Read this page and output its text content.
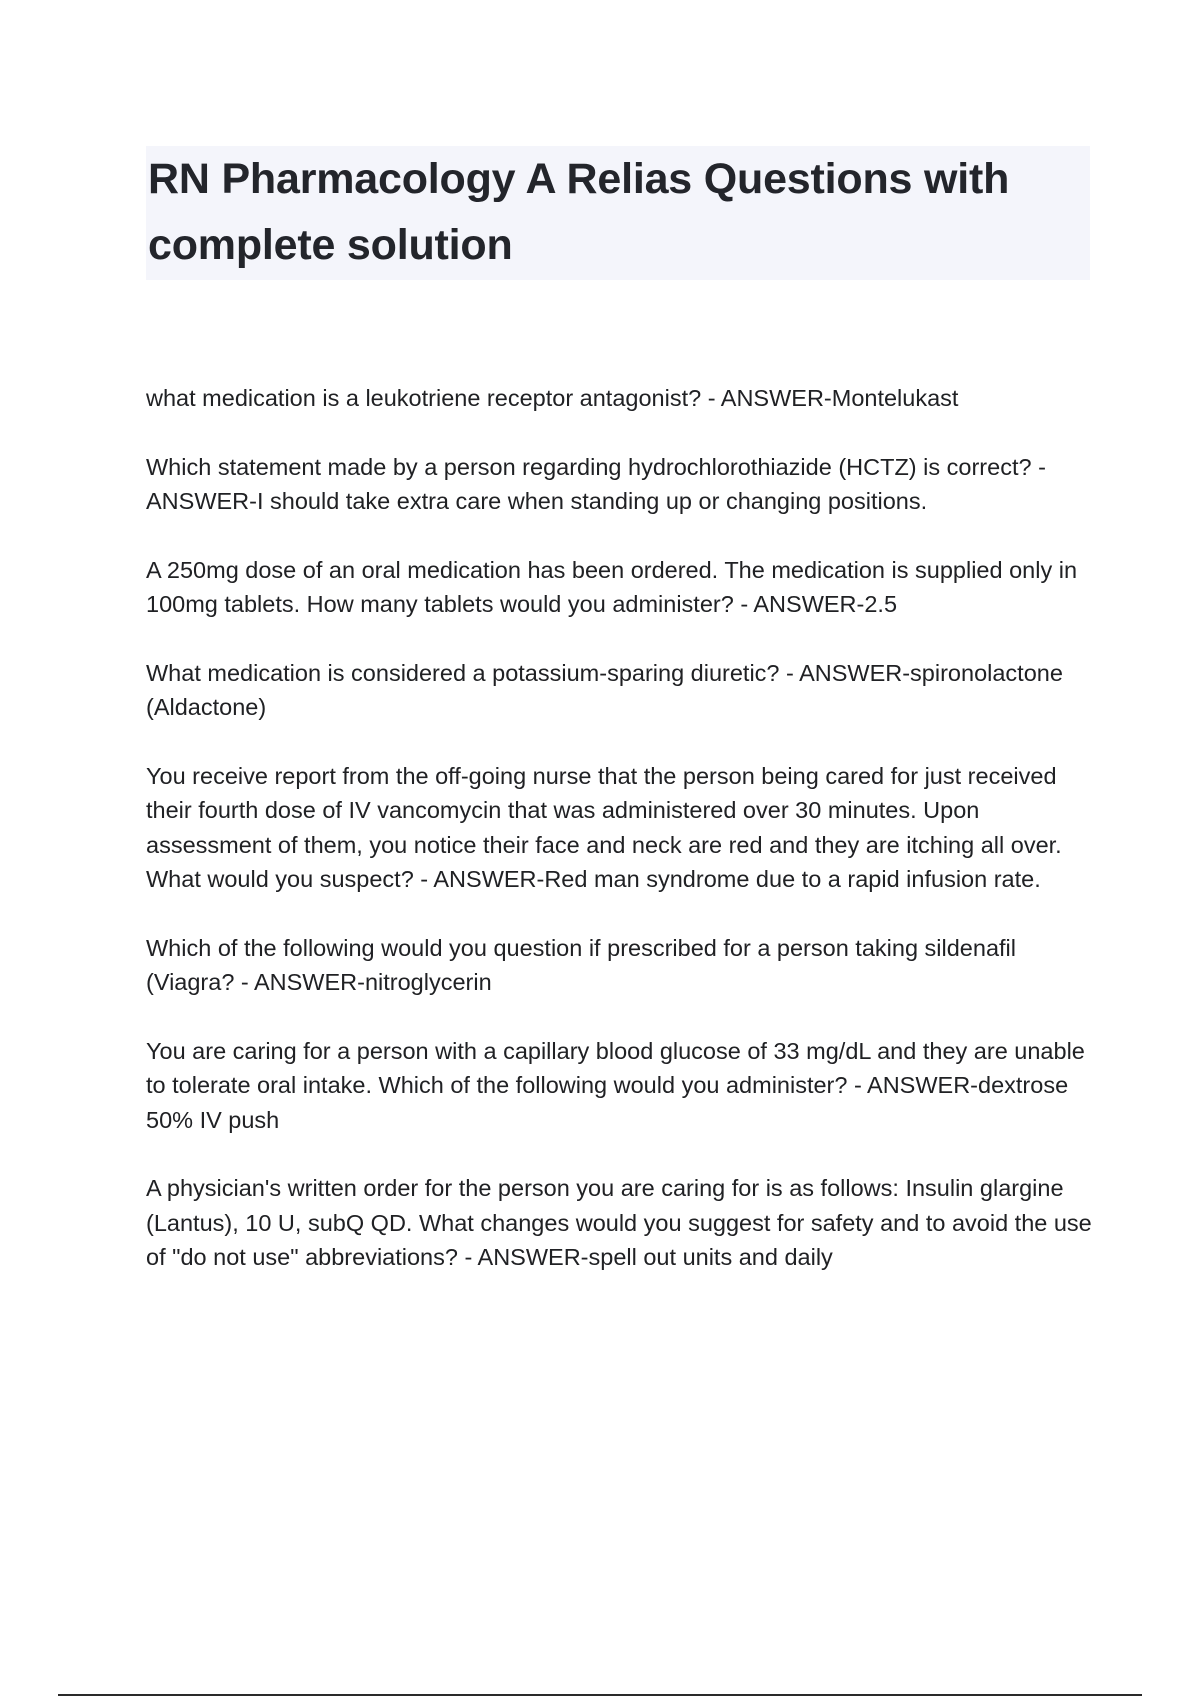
RN Pharmacology A Relias Questions with complete solution

what medication is a leukotriene receptor antagonist? - ANSWER-Montelukast

Which statement made by a person regarding hydrochlorothiazide (HCTZ) is correct? - ANSWER-I should take extra care when standing up or changing positions.

A 250mg dose of an oral medication has been ordered. The medication is supplied only in 100mg tablets. How many tablets would you administer? - ANSWER-2.5

What medication is considered a potassium-sparing diuretic? - ANSWER-spironolactone (Aldactone)

You receive report from the off-going nurse that the person being cared for just received their fourth dose of IV vancomycin that was administered over 30 minutes. Upon assessment of them, you notice their face and neck are red and they are itching all over. What would you suspect? - ANSWER-Red man syndrome due to a rapid infusion rate.

Which of the following would you question if prescribed for a person taking sildenafil (Viagra? - ANSWER-nitroglycerin

You are caring for a person with a capillary blood glucose of 33 mg/dL and they are unable to tolerate oral intake. Which of the following would you administer? - ANSWER-dextrose 50% IV push

A physician's written order for the person you are caring for is as follows: Insulin glargine (Lantus), 10 U, subQ QD. What changes would you suggest for safety and to avoid the use of "do not use" abbreviations? - ANSWER-spell out units and daily
